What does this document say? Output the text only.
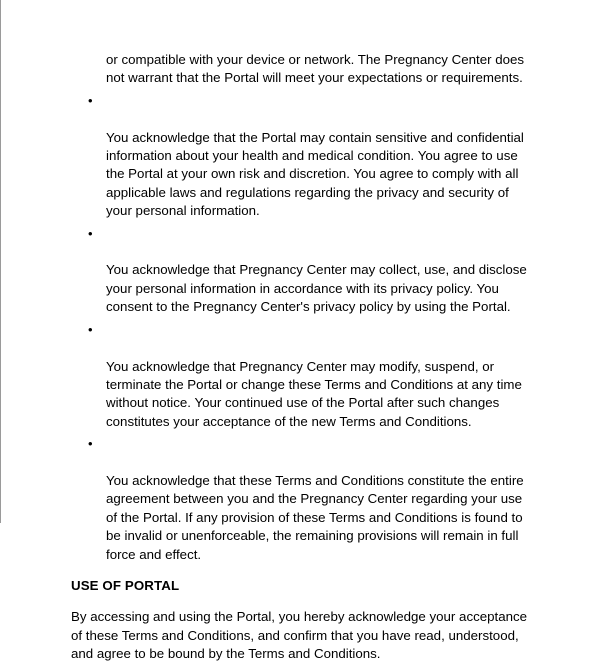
or compatible with your device or network. The Pregnancy Center does
not warrant that the Portal will meet your expectations or requirements.

•

You acknowledge that the Portal may contain sensitive and confidential
information about your health and medical condition. You agree to use
the Portal at your own risk and discretion. You agree to comply with all
applicable laws and regulations regarding the privacy and security of
your personal information.

•

You acknowledge that Pregnancy Center may collect, use, and disclose
your personal information in accordance with its privacy policy. You
consent to the Pregnancy Center's privacy policy by using the Portal.

•

You acknowledge that Pregnancy Center may modify, suspend, or
terminate the Portal or change these Terms and Conditions at any time
without notice. Your continued use of the Portal after such changes
constitutes your acceptance of the new Terms and Conditions.

•

You acknowledge that these Terms and Conditions constitute the entire
agreement between you and the Pregnancy Center regarding your use
of the Portal. If any provision of these Terms and Conditions is found to
be invalid or unenforceable, the remaining provisions will remain in full
force and effect.

USE OF PORTAL

By accessing and using the Portal, you hereby acknowledge your acceptance
of these Terms and Conditions, and confirm that you have read, understood,
and agree to be bound by the Terms and Conditions.
